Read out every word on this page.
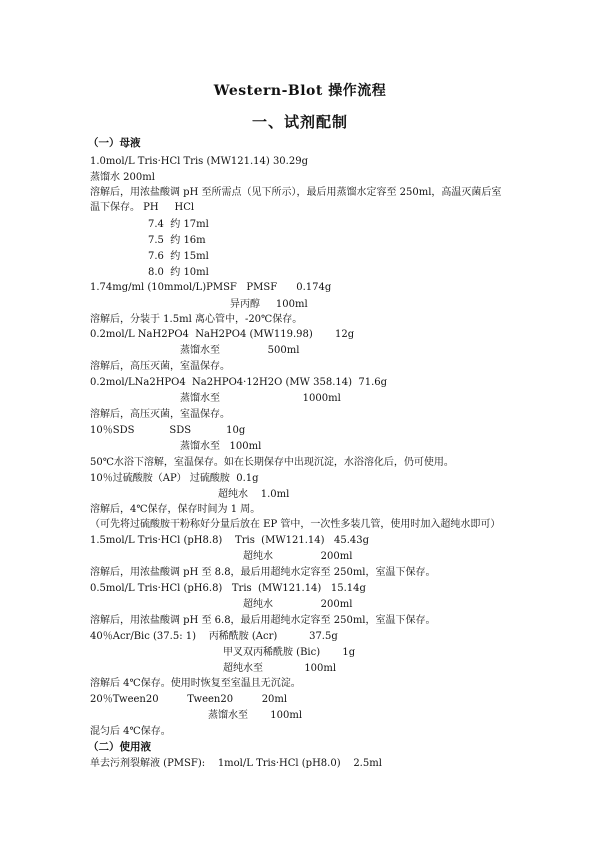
Western-Blot 操作流程
一、试剂配制
（一）母液
1.0mol/L Tris·HCl Tris (MW121.14) 30.29g
蒸馏水 200ml
溶解后，用浓盐酸调 pH 至所需点（见下所示），最后用蒸馏水定容至 250ml，高温灭菌后室
温下保存。 PH     HCl
7.4  约 17ml
7.5  约 16m
7.6  约 15ml
8.0  约 10ml
1.74mg/ml (10mmol/L)PMSF   PMSF      0.174g
异丙醇     100ml
溶解后，分装于 1.5ml 离心管中，-20℃保存。
0.2mol/L NaH2PO4  NaH2PO4 (MW119.98)       12g
蒸馏水至               500ml
溶解后，高压灭菌，室温保存。
0.2mol/LNa2HPO4  Na2HPO4·12H2O (MW 358.14)  71.6g
蒸馏水至                          1000ml
溶解后，高压灭菌，室温保存。
10％SDS           SDS           10g
蒸馏水至   100ml
50℃水浴下溶解，室温保存。如在长期保存中出现沉淀，水浴溶化后，仍可使用。
10％过硫酸胺（AP） 过硫酸胺  0.1g
超纯水    1.0ml
溶解后，4℃保存，保存时间为 1 周。
（可先将过硫酸胺干粉称好分量后放在 EP 管中，一次性多装几管，使用时加入超纯水即可）
1.5mol/L Tris·HCl (pH8.8)    Tris  (MW121.14)   45.43g
超纯水               200ml
溶解后，用浓盐酸调 pH 至 8.8，最后用超纯水定容至 250ml，室温下保存。
0.5mol/L Tris·HCl (pH6.8)   Tris  (MW121.14)   15.14g
超纯水               200ml
溶解后，用浓盐酸调 pH 至 6.8，最后用超纯水定容至 250ml，室温下保存。
40％Acr/Bic (37.5: 1)    丙稀酰胺 (Acr)          37.5g
甲叉双丙稀酰胺 (Bic)       1g
超纯水至             100ml
溶解后 4℃保存。使用时恢复至室温且无沉淀。
20％Tween20         Tween20         20ml
蒸馏水至       100ml
混匀后 4℃保存。
（二）使用液
单去污剂裂解液 (PMSF):    1mol/L Tris·HCl (pH8.0)    2.5ml
